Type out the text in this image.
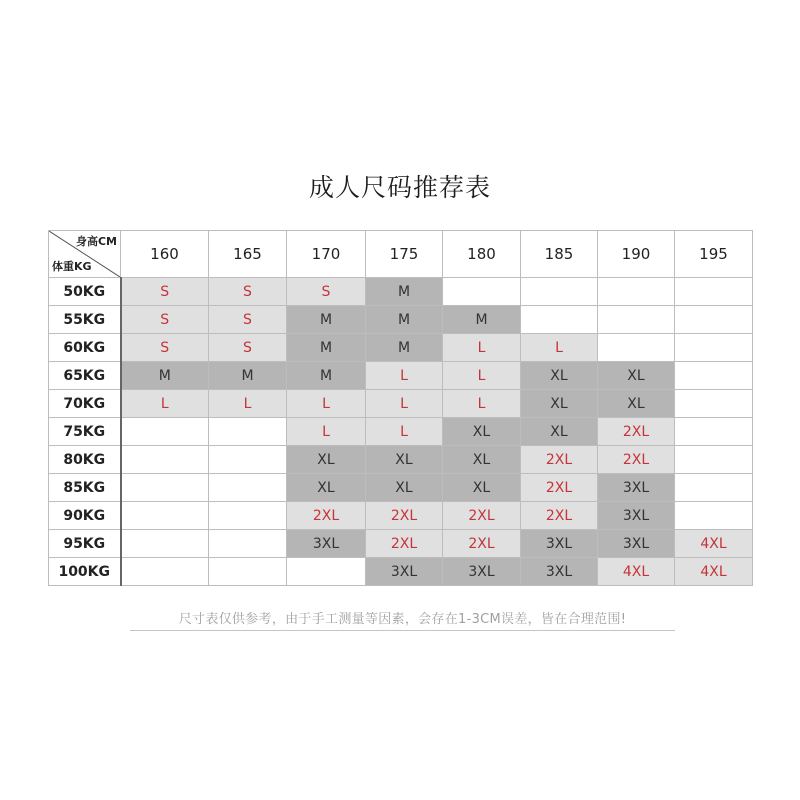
成人尺码推荐表
身高CM
体重KG	160	165	170	175	180	185	190	195
50KG	S	S	S	M				
55KG	S	S	M	M	M			
60KG	S	S	M	M	L	L		
65KG	M	M	M	L	L	XL	XL	
70KG	L	L	L	L	L	XL	XL	
75KG			L	L	XL	XL	2XL	
80KG			XL	XL	XL	2XL	2XL	
85KG			XL	XL	XL	2XL	3XL	
90KG			2XL	2XL	2XL	2XL	3XL	
95KG			3XL	2XL	2XL	3XL	3XL	4XL
100KG				3XL	3XL	3XL	4XL	4XL
尺寸表仅供参考，由于手工测量等因素，会存在1-3CM误差，皆在合理范围!
